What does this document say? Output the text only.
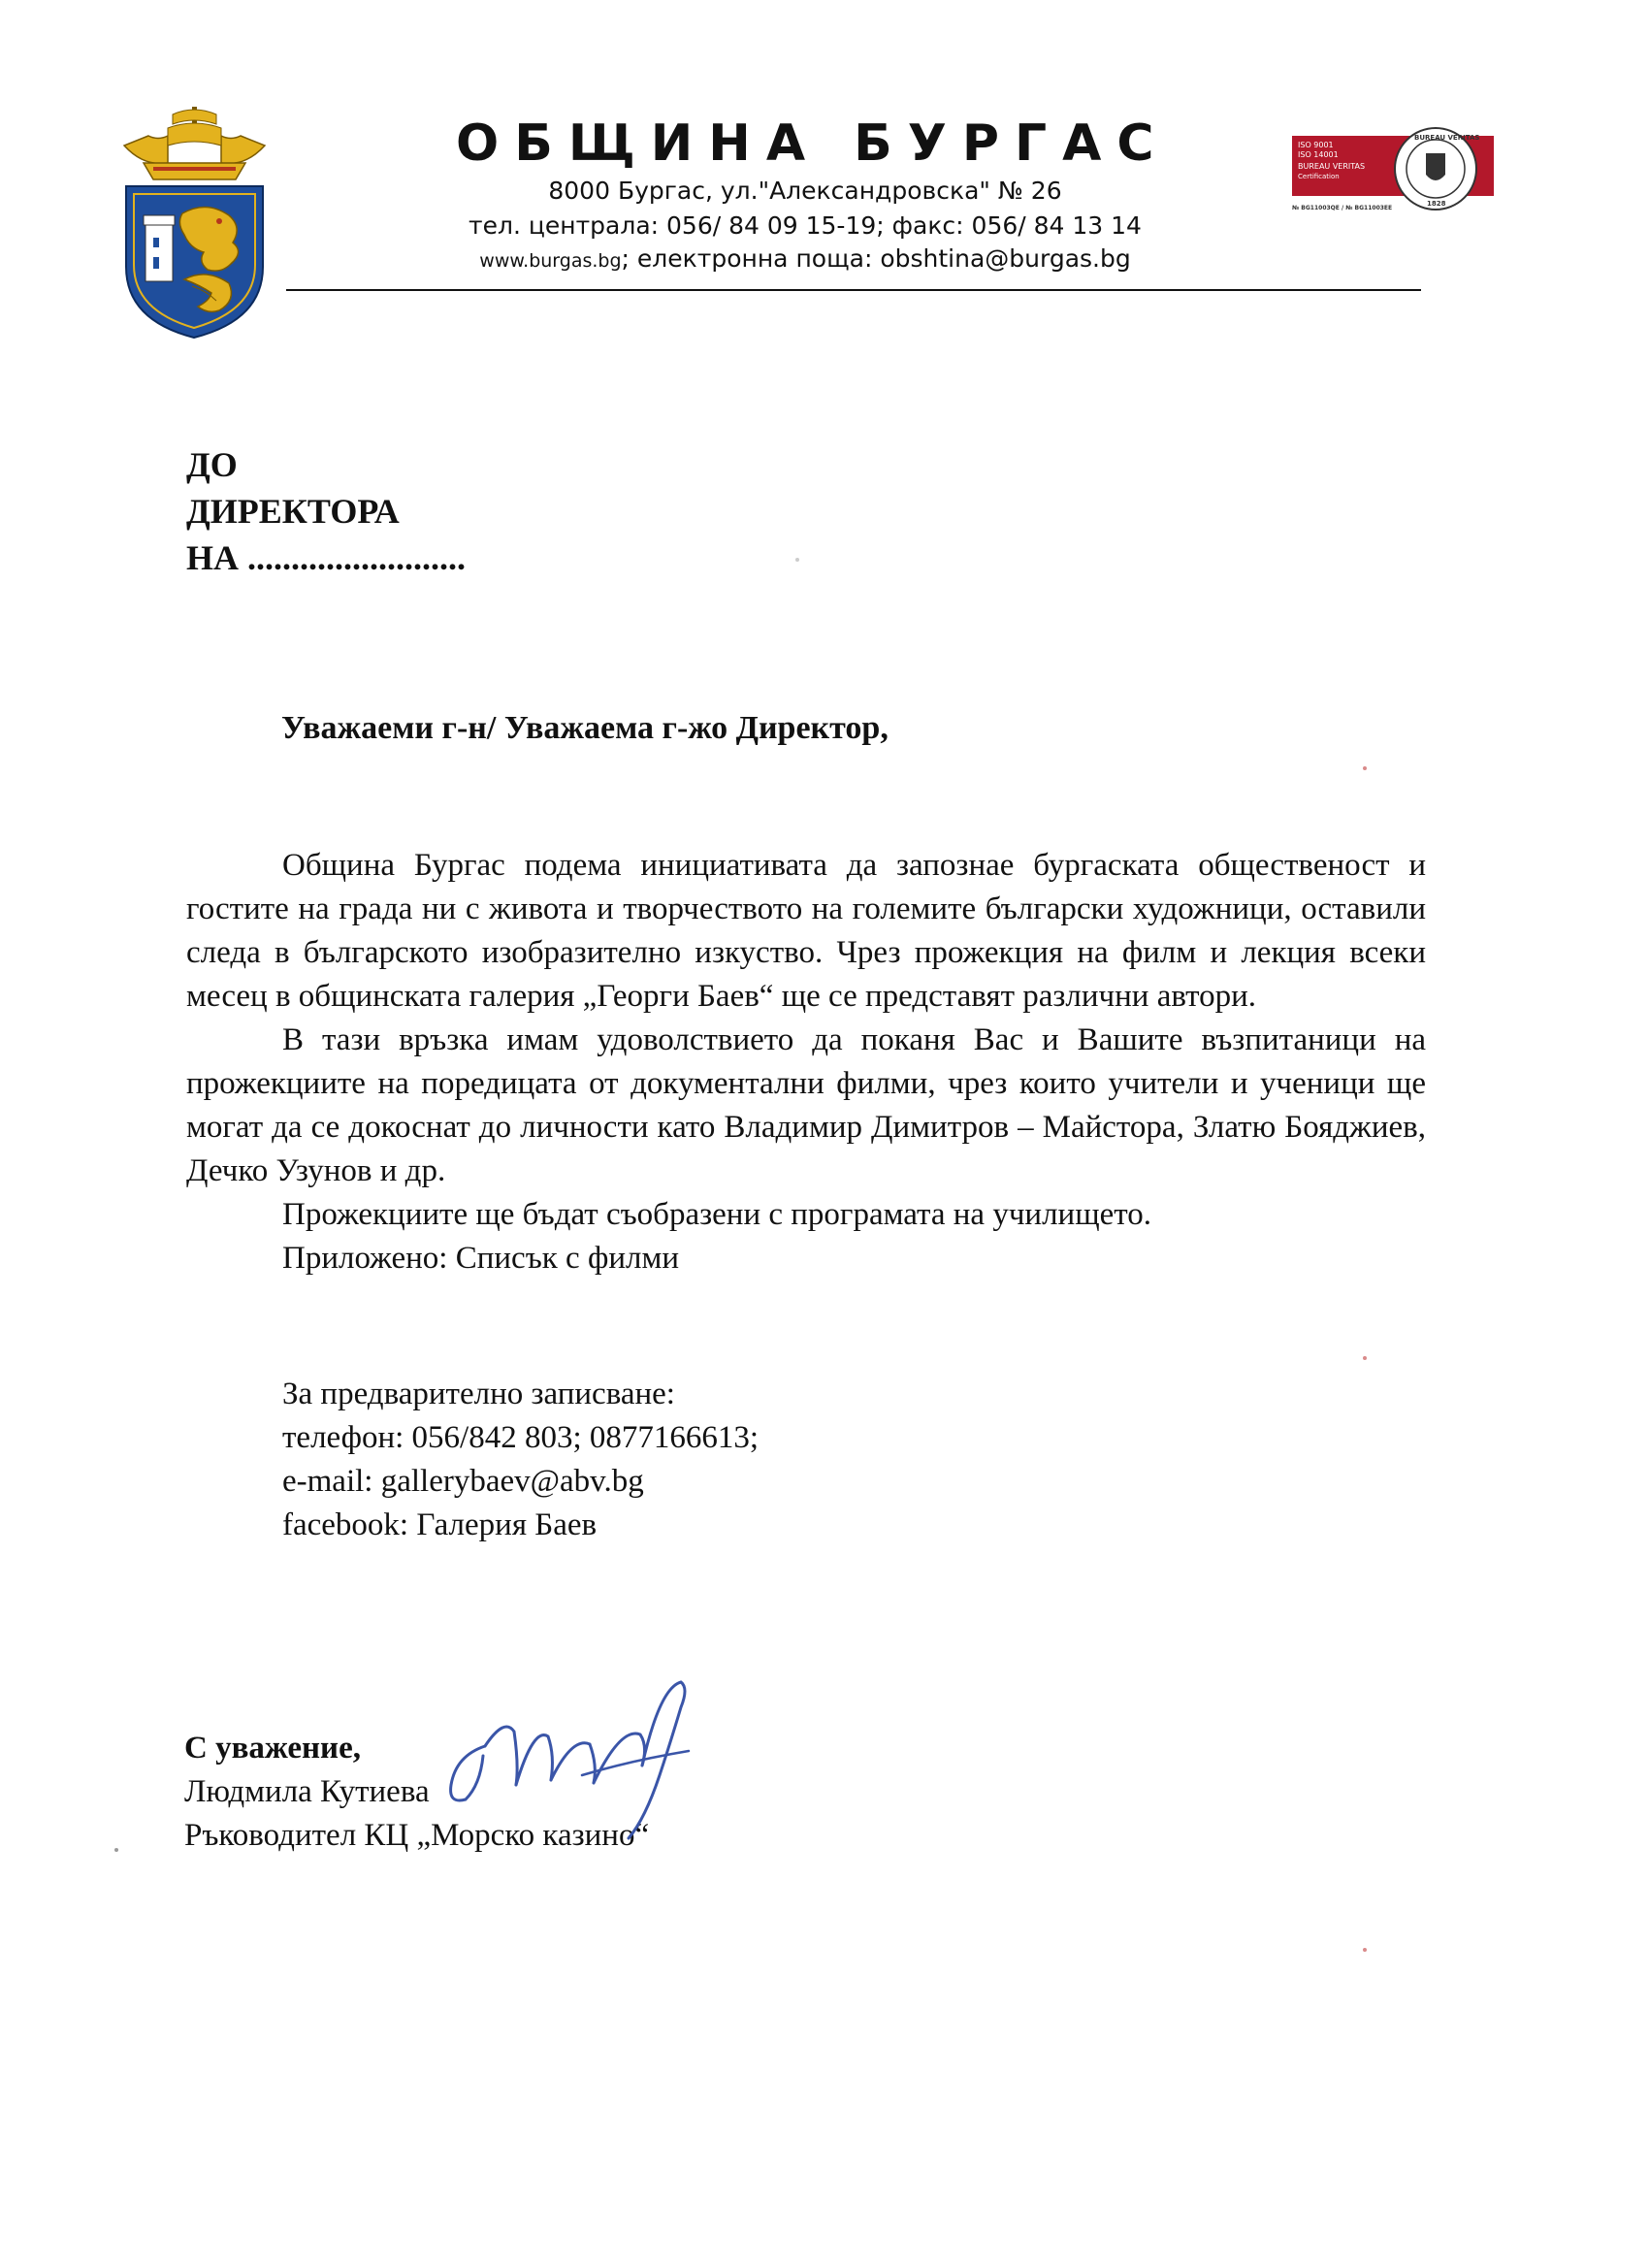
ОБЩИНА БУРГАС
8000 Бургас, ул."Александровска" № 26
тел. централа: 056/ 84 09 15-19; факс: 056/ 84 13 14
www.burgas.bg; електронна поща: obshtina@burgas.bg
ISO 9001
ISO 14001
BUREAU VERITAS
Certification
BUREAU VERITAS
1828
№ BG11003QE / № BG11003EE
ДО
ДИРЕКТОРА
НА .........................
Уважаеми г-н/ Уважаема г-жо Директор,

Община Бургас подема инициативата да запознае бургаската общественост и гостите на града ни с живота и творчеството на големите български художници, оставили следа в българското изобразително изкуство. Чрез прожекция на филм и лекция всеки месец в общинската галерия „Георги Баев“ ще се представят различни автори.

В тази връзка имам удоволствието да поканя Вас и Вашите възпитаници на прожекциите на поредицата от документални филми, чрез които учители и ученици ще могат да се докоснат до личности като Владимир Димитров – Майстора, Златю Бояджиев, Дечко Узунов и др.

Прожекциите ще бъдат съобразени с програмата на училището.

Приложено: Списък с филми

За предварително записване:
телефон: 056/842 803; 0877166613;
e-mail: gallerybaev@abv.bg
facebook: Галерия Баев
С уважение,
Людмила Кутиева
Ръководител КЦ „Морско казино“
